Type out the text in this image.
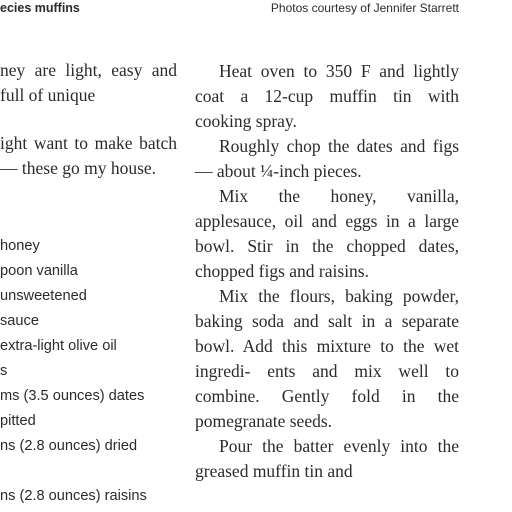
ecies muffins	Photos courtesy of Jennifer Starrett

ney are light, easy and full of unique

ight want to make batch — these go my house.

honey
poon vanilla
unsweetened
sauce
extra-light olive oil
s
ms (3.5 ounces) dates
pitted
ns (2.8 ounces) dried

ns (2.8 ounces) raisins

Heat oven to 350 F and lightly coat a 12-cup muffin tin with cooking spray.

Roughly chop the dates and figs — about ¼-inch pieces.

Mix the honey, vanilla, applesauce, oil and eggs in a large bowl. Stir in the chopped dates, chopped figs and raisins.

Mix the flours, baking powder, baking soda and salt in a separate bowl. Add this mixture to the wet ingredi- ents and mix well to combine. Gently fold in the pomegranate seeds.

Pour the batter evenly into the greased muffin tin and
